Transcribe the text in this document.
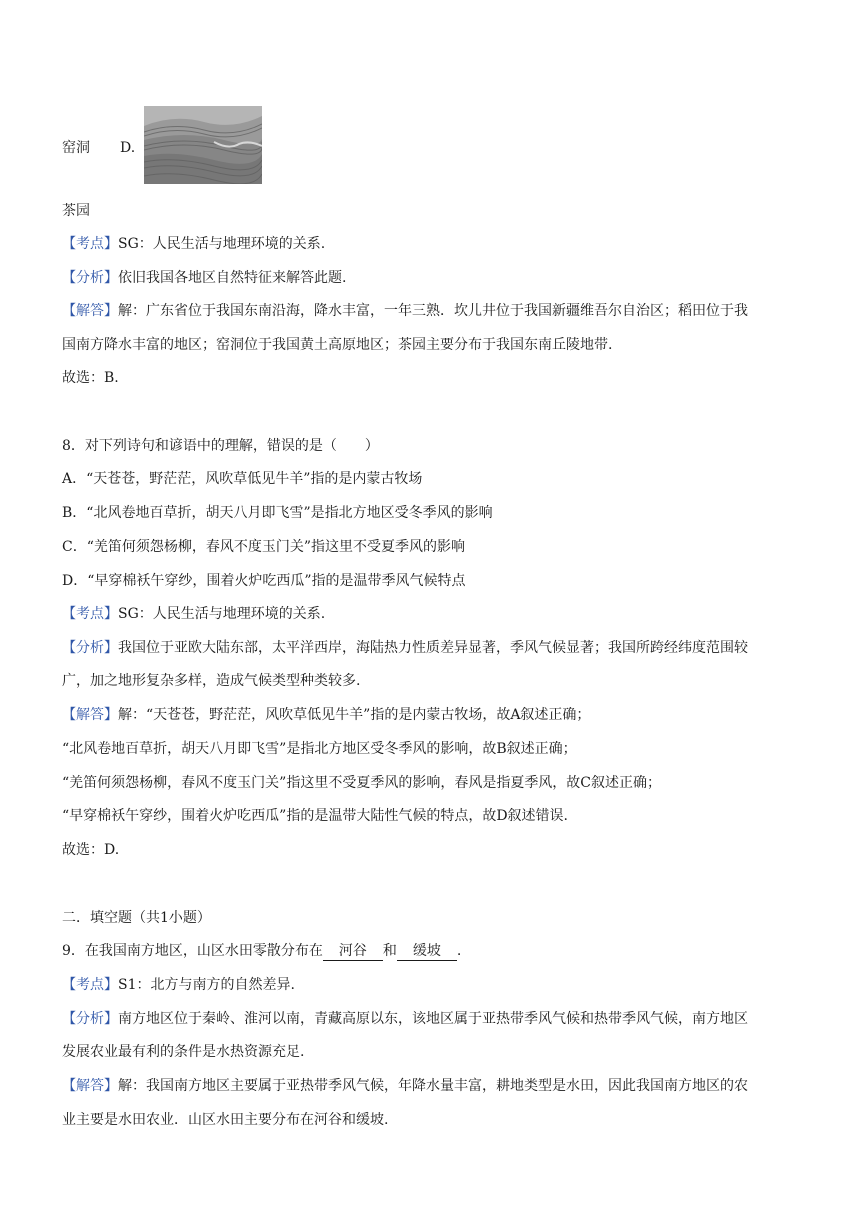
窑洞 D.
茶园
【考点】SG：人民生活与地理环境的关系.
【分析】依旧我国各地区自然特征来解答此题.
【解答】解：广东省位于我国东南沿海，降水丰富，一年三熟．坎儿井位于我国新疆维吾尔自治区；稻田位于我
国南方降水丰富的地区；窑洞位于我国黄土高原地区；茶园主要分布于我国东南丘陵地带.
故选：B.
8．对下列诗句和谚语中的理解，错误的是（　　）
A．“天苍苍，野茫茫，风吹草低见牛羊”指的是内蒙古牧场
B．“北风卷地百草折，胡天八月即飞雪”是指北方地区受冬季风的影响
C．“羌笛何须怨杨柳，春风不度玉门关”指这里不受夏季风的影响
D．“早穿棉袄午穿纱，围着火炉吃西瓜”指的是温带季风气候特点
【考点】SG：人民生活与地理环境的关系.
【分析】我国位于亚欧大陆东部，太平洋西岸，海陆热力性质差异显著，季风气候显著；我国所跨经纬度范围较
广，加之地形复杂多样，造成气候类型种类较多.
【解答】解：“天苍苍，野茫茫，风吹草低见牛羊”指的是内蒙古牧场，故A叙述正确；
“北风卷地百草折，胡天八月即飞雪”是指北方地区受冬季风的影响，故B叙述正确；
“羌笛何须怨杨柳，春风不度玉门关”指这里不受夏季风的影响，春风是指夏季风，故C叙述正确；
“早穿棉袄午穿纱，围着火炉吃西瓜”指的是温带大陆性气候的特点，故D叙述错误.
故选：D.
二．填空题（共1小题）
9．在我国南方地区，山区水田零散分布在 河谷 和 缓坡 .
【考点】S1：北方与南方的自然差异.
【分析】南方地区位于秦岭、淮河以南，青藏高原以东，该地区属于亚热带季风气候和热带季风气候，南方地区
发展农业最有利的条件是水热资源充足.
【解答】解：我国南方地区主要属于亚热带季风气候，年降水量丰富，耕地类型是水田，因此我国南方地区的农
业主要是水田农业．山区水田主要分布在河谷和缓坡.
